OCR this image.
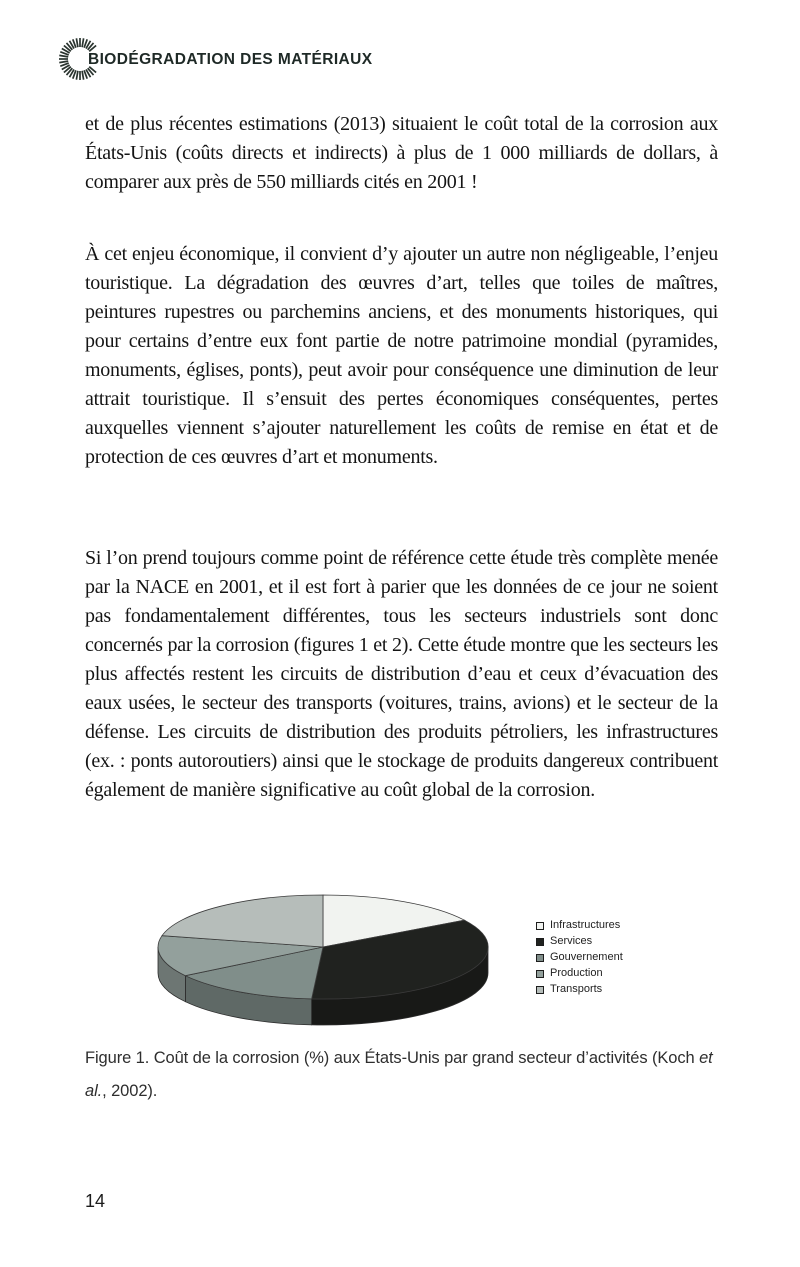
BIODÉGRADATION DES MATÉRIAUX

et de plus récentes estimations (2013) situaient le coût total de la corrosion aux États-Unis (coûts directs et indirects) à plus de 1 000 milliards de dollars, à comparer aux près de 550 milliards cités en 2001 !

À cet enjeu économique, il convient d’y ajouter un autre non négligeable, l’enjeu touristique. La dégradation des œuvres d’art, telles que toiles de maîtres, peintures rupestres ou parchemins anciens, et des monuments historiques, qui pour certains d’entre eux font partie de notre patrimoine mondial (pyramides, monuments, églises, ponts), peut avoir pour conséquence une diminution de leur attrait touristique. Il s’ensuit des pertes économiques conséquentes, pertes auxquelles viennent s’ajouter naturellement les coûts de remise en état et de protection de ces œuvres d’art et monuments.

Si l’on prend toujours comme point de référence cette étude très complète menée par la NACE en 2001, et il est fort à parier que les données de ce jour ne soient pas fondamentalement différentes, tous les secteurs industriels sont donc concernés par la corrosion (figures 1 et 2). Cette étude montre que les secteurs les plus affectés restent les circuits de distribution d’eau et ceux d’évacuation des eaux usées, le secteur des transports (voitures, trains, avions) et le secteur de la défense. Les circuits de distribution des produits pétroliers, les infrastructures (ex. : ponts autoroutiers) ainsi que le stockage de produits dangereux contribuent également de manière significative au coût global de la corrosion.

Infrastructures
Services
Gouvernement
Production
Transports

Figure 1. Coût de la corrosion (%) aux États-Unis par grand secteur d’activités (Koch et al., 2002).

14
